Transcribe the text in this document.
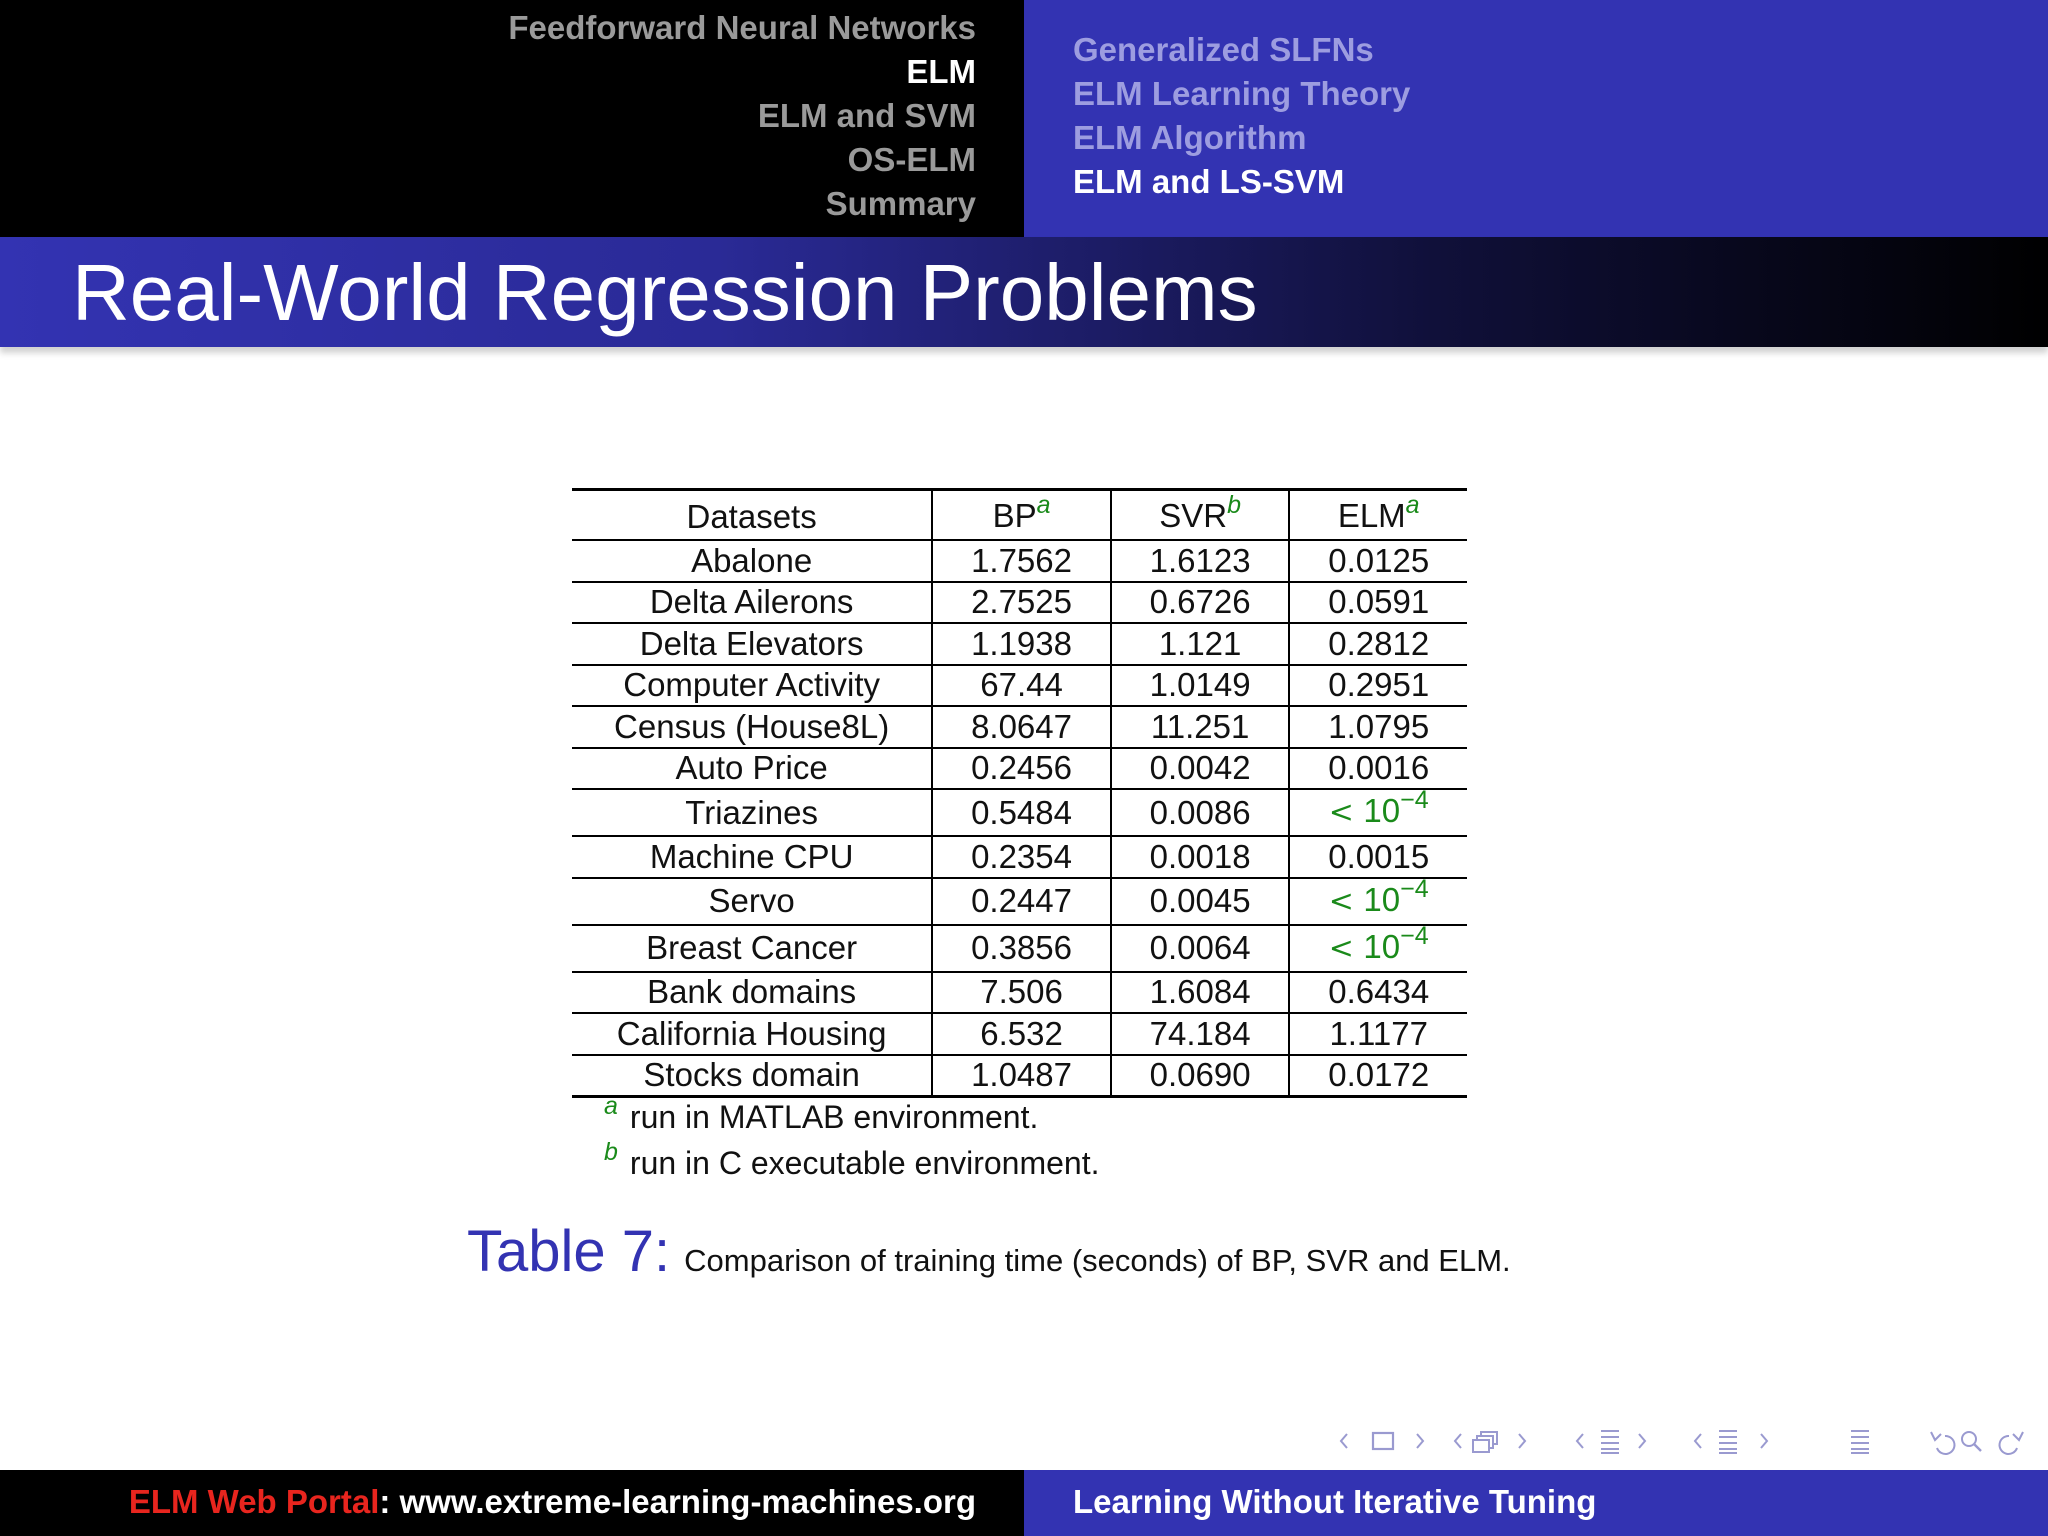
Feedforward Neural Networks
ELM
ELM and SVM
OS-ELM
Summary
Generalized SLFNs
ELM Learning Theory
ELM Algorithm
ELM and LS-SVM
Real-World Regression Problems
Datasets	$BP^a$	SVR$^b$	ELM$^a$
Abalone	1.7562	1.6123	0.0125
Delta Ailerons	2.7525	0.6726	0.0591
Delta Elevators	1.1938	1.121	0.2812
Computer Activity	67.44	1.0149	0.2951
Census (House8L)	8.0647	11.251	1.0795
Auto Price	0.2456	0.0042	0.0016
Triazines	0.5484	0.0086	< $10^{-4}$
Machine CPU	0.2354	0.0018	0.0015
Servo	0.2447	0.0045	< $10^{-4}$
Breast Cancer	0.3856	0.0064	< $10^{-4}$
Bank domains	7.506	1.6084	0.6434
California Housing	6.532	74.184	1.1177
Stocks domain	1.0487	0.0690	0.0172
$^a$ run in MATLAB environment.
$^b$ run in C executable environment.
Table 7: Comparison of training time (seconds) of BP, SVR and ELM.
ELM Web Portal: www.extreme-learning-machines.org	Learning Without Iterative Tuning
